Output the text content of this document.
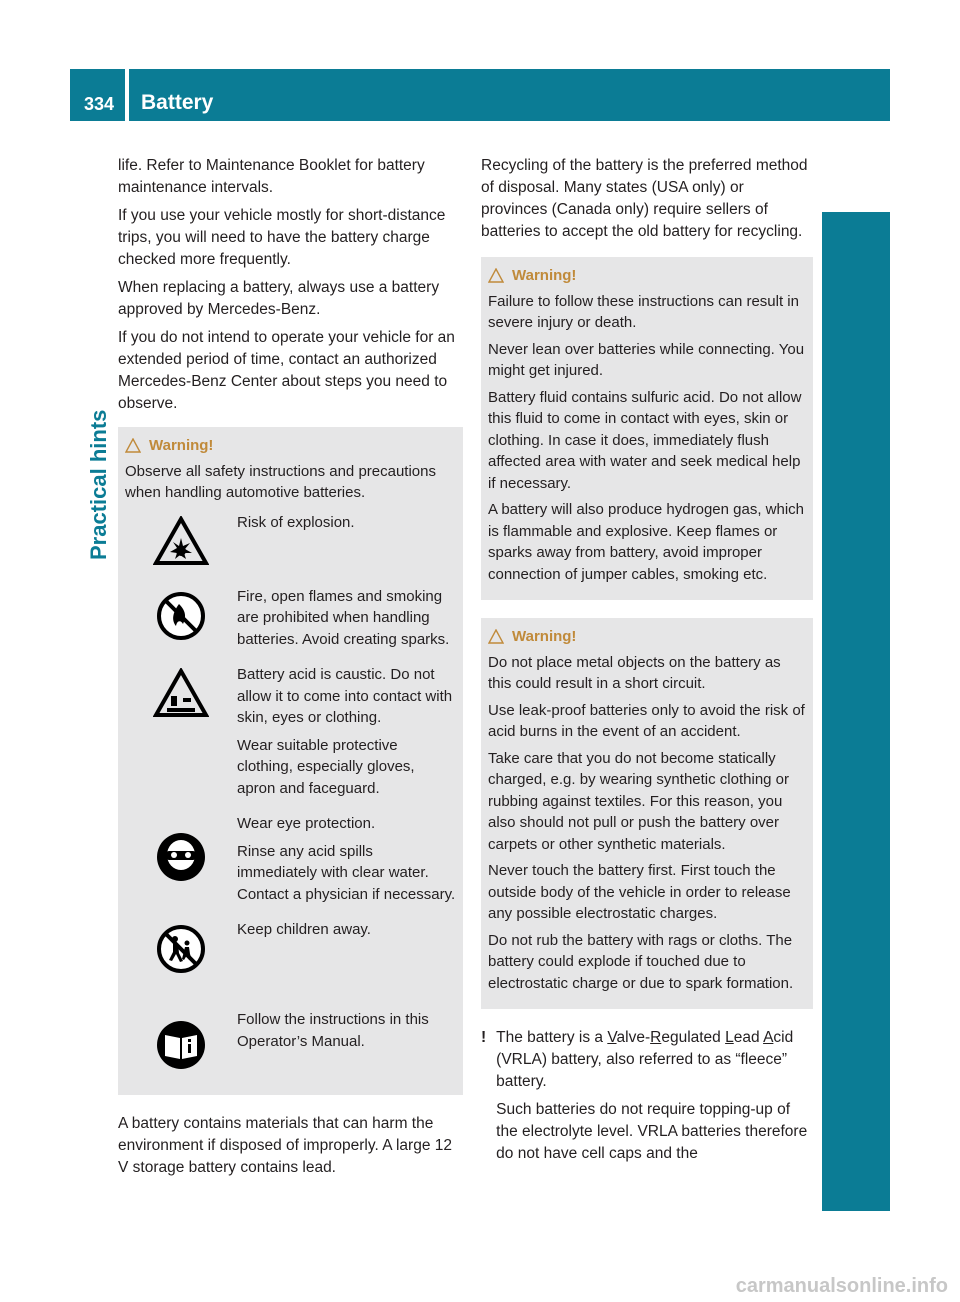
334 Battery
Practical hints

life. Refer to Maintenance Booklet for battery maintenance intervals.

If you use your vehicle mostly for short-distance trips, you will need to have the battery charge checked more frequently.

When replacing a battery, always use a battery approved by Mercedes-Benz.

If you do not intend to operate your vehicle for an extended period of time, contact an authorized Mercedes-Benz Center about steps you need to observe.

Warning!

Observe all safety instructions and precautions when handling automotive batteries.

Risk of explosion.

Fire, open flames and smoking are prohibited when handling batteries. Avoid creating sparks.

Battery acid is caustic. Do not allow it to come into contact with skin, eyes or clothing.

Wear suitable protective clothing, especially gloves, apron and faceguard.

Wear eye protection.

Rinse any acid spills immediately with clear water. Contact a physician if necessary.

Keep children away.

Follow the instructions in this Operator’s Manual.

A battery contains materials that can harm the environment if disposed of improperly. A large 12 V storage battery contains lead.

Recycling of the battery is the preferred method of disposal. Many states (USA only) or provinces (Canada only) require sellers of batteries to accept the old battery for recycling.

Warning!

Failure to follow these instructions can result in severe injury or death.

Never lean over batteries while connecting. You might get injured.

Battery fluid contains sulfuric acid. Do not allow this fluid to come in contact with eyes, skin or clothing. In case it does, immediately flush affected area with water and seek medical help if necessary.

A battery will also produce hydrogen gas, which is flammable and explosive. Keep flames or sparks away from battery, avoid improper connection of jumper cables, smoking etc.

Warning!

Do not place metal objects on the battery as this could result in a short circuit.

Use leak-proof batteries only to avoid the risk of acid burns in the event of an accident.

Take care that you do not become statically charged, e.g. by wearing synthetic clothing or rubbing against textiles. For this reason, you also should not pull or push the battery over carpets or other synthetic materials.

Never touch the battery first. First touch the outside body of the vehicle in order to release any possible electrostatic charges.

Do not rub the battery with rags or cloths. The battery could explode if touched due to electrostatic charge or due to spark formation.

! The battery is a Valve-Regulated Lead Acid (VRLA) battery, also referred to as “fleece” battery.

Such batteries do not require topping-up of the electrolyte level. VRLA batteries therefore do not have cell caps and the

carmanualsonline.info
